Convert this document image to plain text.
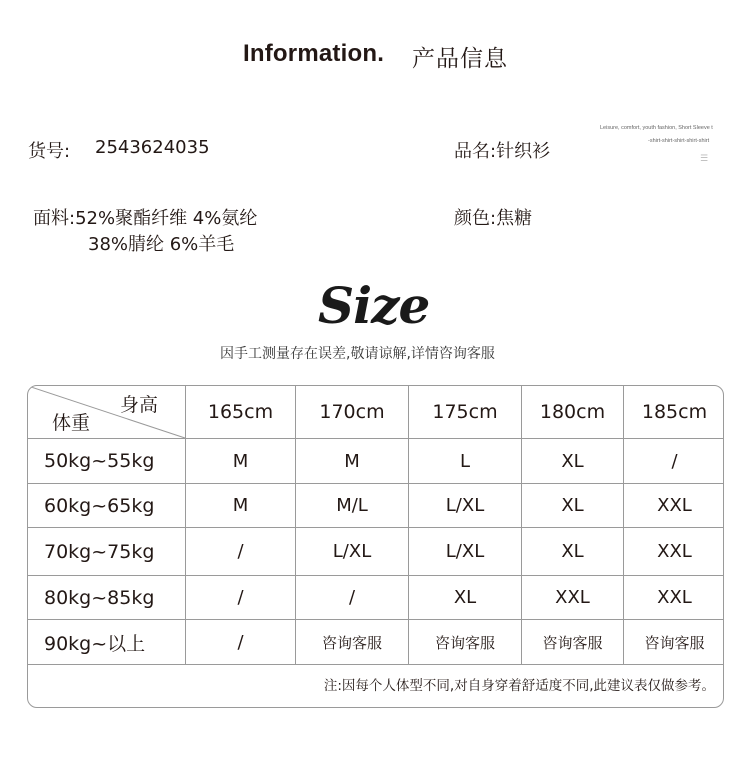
Information. 产品信息
货号: 2543624035	品名:针织衫
面料:52%聚酯纤维 4%氨纶
38%腈纶 6%羊毛
颜色:焦糖
Leisure, comfort, youth fashion, Short Sleeve t
-shirt-shirt-shirt-shirt-shirt
☰
Size
因手工测量存在误差,敬请谅解,详情咨询客服
身高
体重	165cm	170cm	175cm	180cm	185cm
50kg~55kg	M	M	L	XL	/
60kg~65kg	M	M/L	L/XL	XL	XXL
70kg~75kg	/	L/XL	L/XL	XL	XXL
80kg~85kg	/	/	XL	XXL	XXL
90kg~以上	/	咨询客服	咨询客服	咨询客服	咨询客服
注:因每个人体型不同,对自身穿着舒适度不同,此建议表仅做参考。
